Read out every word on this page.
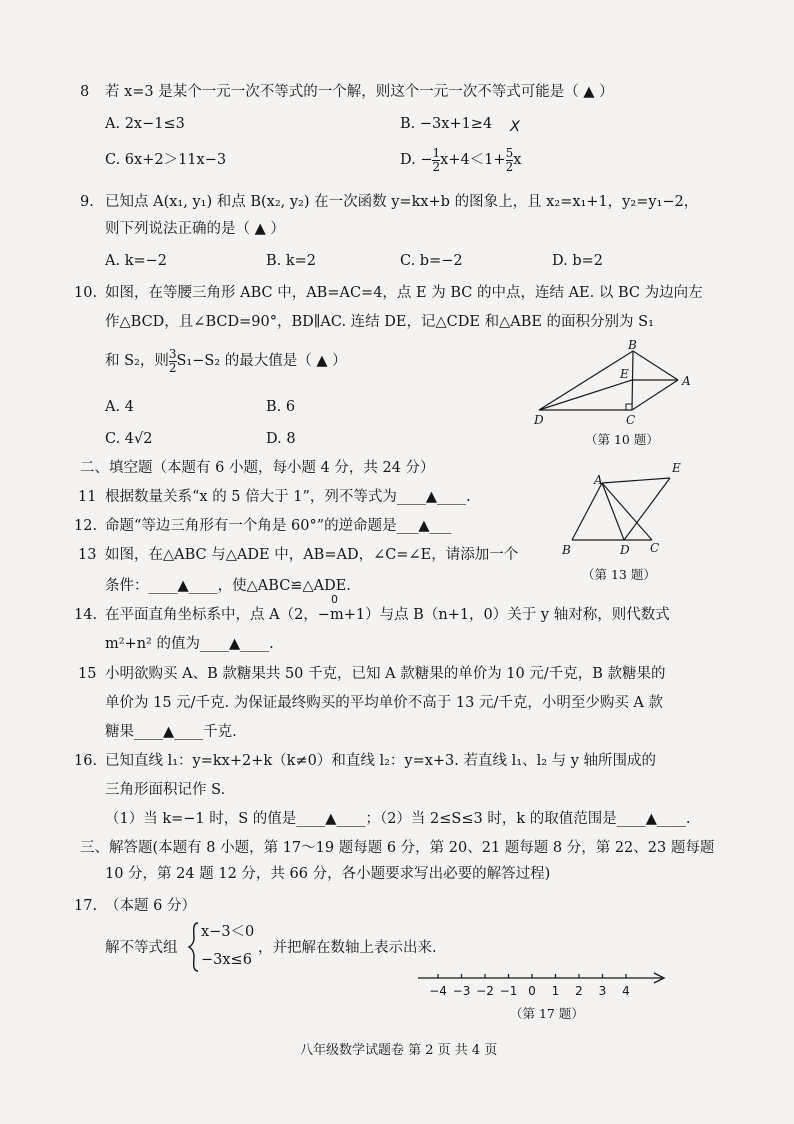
8 若 x=3 是某个一元一次不等式的一个解，则这个一元一次不等式可能是（ ▲ ）
A. 2x−1≤3	B. −3x+1≥4 X
C. 6x+2＞11x−3	D. − $\frac{1}{2} x+4<1+ \frac{5}{2}$ x
9. 已知点 A(x₁, y₁) 和点 B(x₂, y₂) 在一次函数 y=kx+b 的图象上，且 x₂=x₁+1，y₂=y₁−2，
则下列说法正确的是（ ▲ ）
A. k=−2	B. k=2	C. b=−2	D. b=2
10. 如图，在等腰三角形 ABC 中，AB=AC=4，点 E 为 BC 的中点，连结 AE. 以 BC 为边向左
作△BCD，且∠BCD=90°，BD∥AC. 连结 DE，记△CDE 和△ABE 的面积分别为 S₁
和 S₂，则 $\frac{3}{2} S_1-S_2$ 的最大值是（ ▲ ）
A. 4	B. 6
C. 4√2	D. 8
B
E	A
D	C
（第 10 题）
二、填空题（本题有 6 小题，每小题 4 分，共 24 分）
11 根据数量关系“x 的 5 倍大于 1”，列不等式为____▲____.
12. 命题“等边三角形有一个角是 60°”的逆命题是___▲___
13 如图，在△ABC 与△ADE 中，AB=AD，∠C=∠E，请添加一个
条件：____▲____，使△ABC≌△ADE.
A
E
B	D C
（第 13 题）
0
14. 在平面直角坐标系中，点 A（2，−m+1）与点 B（n+1，0）关于 y 轴对称，则代数式
m²+n² 的值为____▲____.
15 小明欲购买 A、B 款糖果共 50 千克，已知 A 款糖果的单价为 10 元/千克，B 款糖果的
单价为 15 元/千克. 为保证最终购买的平均单价不高于 13 元/千克，小明至少购买 A 款
糖果____▲____千克.
16. 已知直线 l₁：y=kx+2+k（k≠0）和直线 l₂：y=x+3. 若直线 l₁、l₂ 与 y 轴所围成的
三角形面积记作 S.
（1）当 k=−1 时，S 的值是____▲____；（2）当 2≤S≤3 时，k 的取值范围是____▲____.
三、解答题(本题有 8 小题，第 17～19 题每题 6 分，第 20、21 题每题 8 分，第 22、23 题每题
10 分，第 24 题 12 分，共 66 分，各小题要求写出必要的解答过程)
17. （本题 6 分）
解不等式组
x−3＜0
−3x≤6
，并把解在数轴上表示出来.
−4 −3 −2 −1 0 1 2 3 4
（第 17 题）
八年级数学试题卷 第 2 页 共 4 页
